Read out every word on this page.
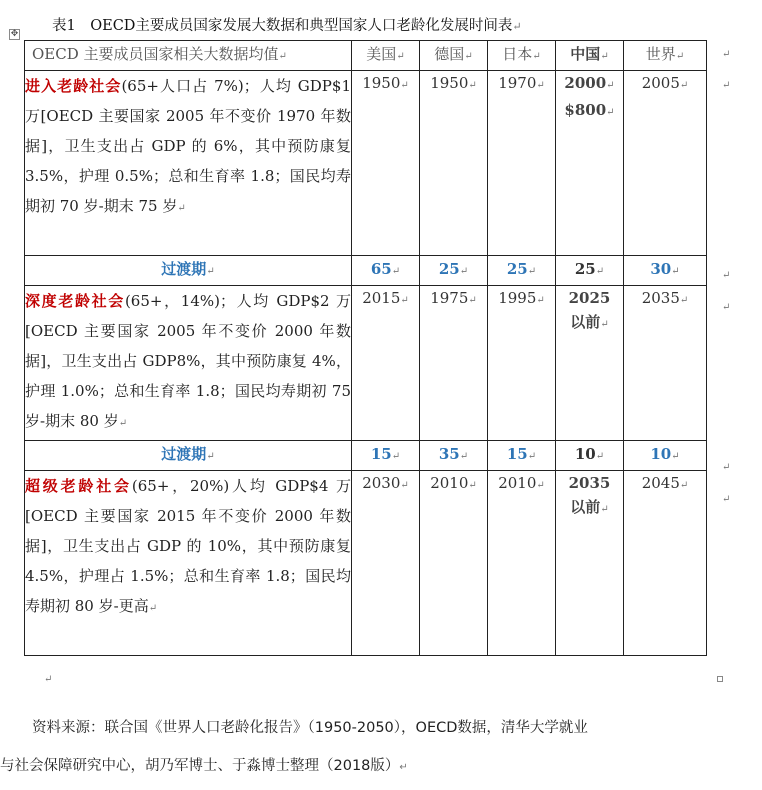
表1　OECD主要成员国家发展大数据和典型国家人口老龄化发展时间表↵
✥
OECD 主要成员国家相关大数据均值↵	美国↵	德国↵	日本↵	中国↵	世界↵
进入老龄社会(65+人口占 7%)；人均 GDP$1 万[OECD 主要国家 2005 年不变价 1970 年数据]，卫生支出占 GDP 的 6%，其中预防康复 3.5%，护理 0.5%；总和生育率 1.8；国民均寿期初 70 岁-期末 75 岁↵	1950↵	1950↵	1970↵	2000↵
$800↵	2005↵
过渡期↵	65↵	25↵	25↵	25↵	30↵
深度老龄社会(65+，14%)；人均 GDP$2 万[OECD 主要国家 2005 年不变价 2000 年数据]，卫生支出占 GDP8%，其中预防康复 4%，护理 1.0%；总和生育率 1.8；国民均寿期初 75 岁-期末 80 岁↵	2015↵	1975↵	1995↵	2025
以前↵	2035↵
过渡期↵	15↵	35↵	15↵	10↵	10↵
超级老龄社会(65+，20%)人均 GDP$4 万[OECD 主要国家 2015 年不变价 2000 年数据]，卫生支出占 GDP 的 10%，其中预防康复 4.5%，护理占 1.5%；总和生育率 1.8；国民均寿期初 80 岁-更高↵	2030↵	2010↵	2010↵	2035
以前↵	2045↵
↵
↵
↵
↵
↵
↵
↵
资料来源：联合国《世界人口老龄化报告》（1950-2050），OECD数据，清华大学就业
与社会保障研究中心，胡乃军博士、于淼博士整理（2018版）↵
